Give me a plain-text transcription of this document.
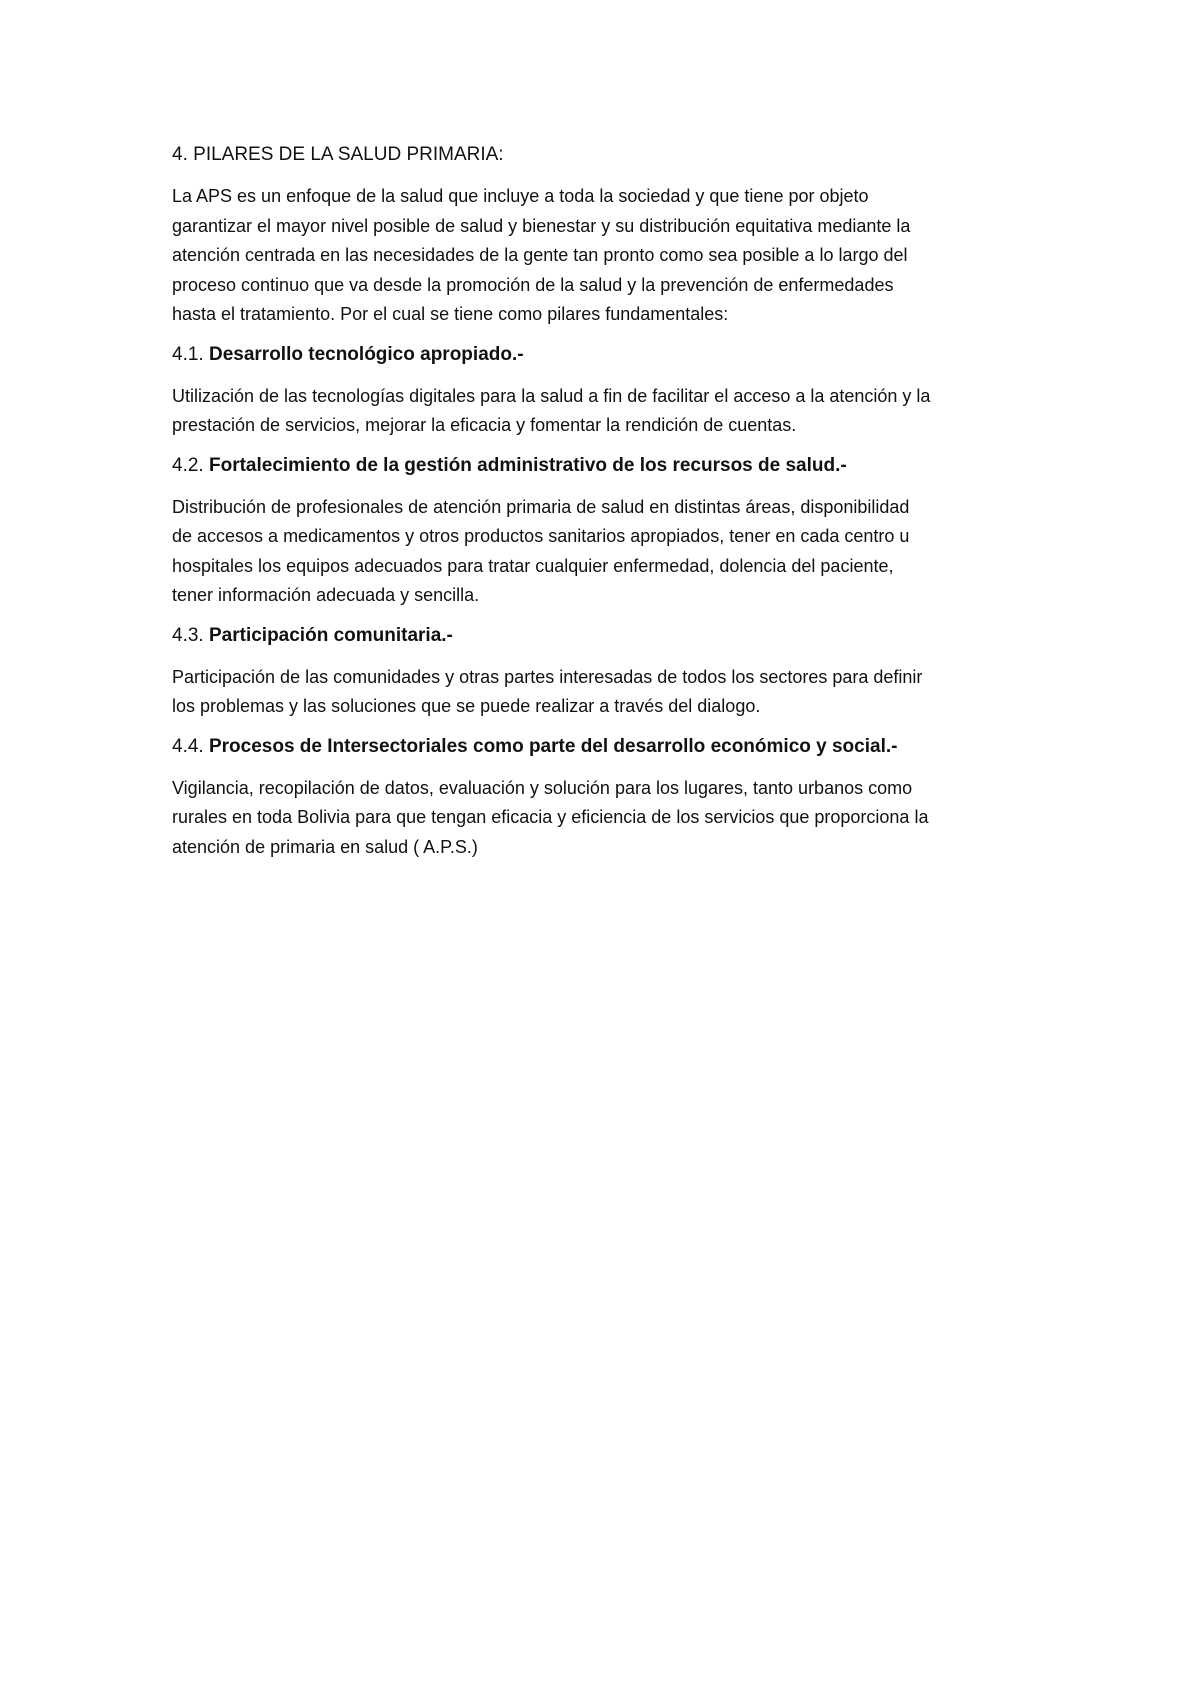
4. PILARES DE LA SALUD PRIMARIA:

La APS es un enfoque de la salud que incluye a toda la sociedad y que tiene por objeto
garantizar el mayor nivel posible de salud y bienestar y su distribución equitativa mediante la
atención centrada en las necesidades de la gente tan pronto como sea posible a lo largo del
proceso continuo que va desde la promoción de la salud y la prevención de enfermedades
hasta el tratamiento. Por el cual se tiene como pilares fundamentales:

4.1. Desarrollo tecnológico apropiado.-

Utilización de las tecnologías digitales para la salud a fin de facilitar el acceso a la atención y la
prestación de servicios, mejorar la eficacia y fomentar la rendición de cuentas.

4.2. Fortalecimiento de la gestión administrativo de los recursos de salud.-

Distribución de profesionales de atención primaria de salud en distintas áreas, disponibilidad
de accesos a medicamentos y otros productos sanitarios apropiados, tener en cada centro u
hospitales los equipos adecuados para tratar cualquier enfermedad, dolencia del paciente,
tener información adecuada y sencilla.

4.3. Participación comunitaria.-

Participación de las comunidades y otras partes interesadas de todos los sectores para definir
los problemas y las soluciones que se puede realizar a través del dialogo.

4.4. Procesos de Intersectoriales como parte del desarrollo económico y social.-

Vigilancia, recopilación de datos, evaluación y solución para los lugares, tanto urbanos como
rurales en toda Bolivia para que tengan eficacia y eficiencia de los servicios que proporciona la
atención de primaria en salud ( A.P.S.)
